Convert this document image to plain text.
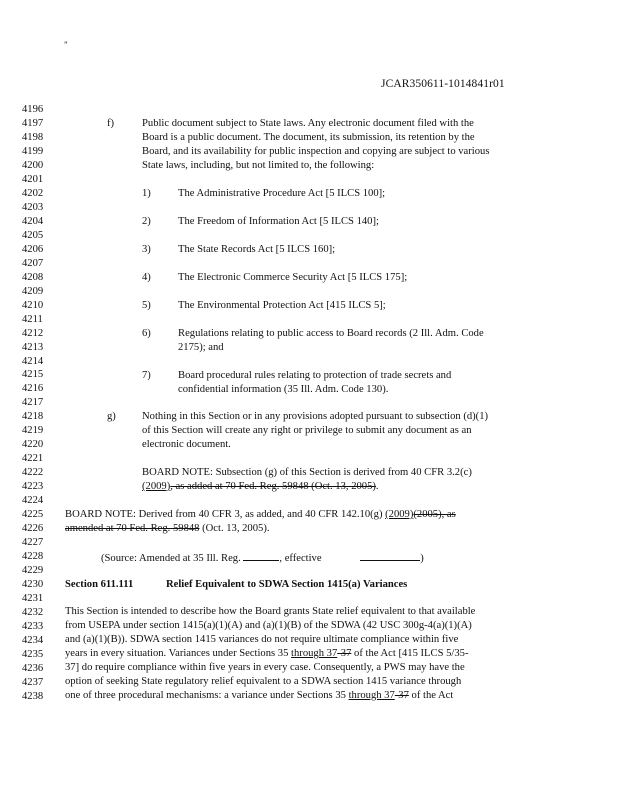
”
JCAR350611-1014841r01
4196
4197
4198
4199
4200
4201
4202
4203
4204
4205
4206
4207
4208
4209
4210
4211
4212
4213
4214
4215
4216
4217
4218
4219
4220
4221
4222
4223
4224
4225
4226
4227
4228
4229
4230
4231
4232
4233
4234
4235
4236
4237
4238
f)	Public document subject to State laws. Any electronic document filed with the
Board is a public document. The document, its submission, its retention by the
Board, and its availability for public inspection and copying are subject to various
State laws, including, but not limited to, the following:
1)	The Administrative Procedure Act [5 ILCS 100];
2)	The Freedom of Information Act [5 ILCS 140];
3)	The State Records Act [5 ILCS 160];
4)	The Electronic Commerce Security Act [5 ILCS 175];
5)	The Environmental Protection Act [415 ILCS 5];
6)	Regulations relating to public access to Board records (2 Ill. Adm. Code
2175); and
7)	Board procedural rules relating to protection of trade secrets and
confidential information (35 Ill. Adm. Code 130).
g) Nothing in this Section or in any provisions adopted pursuant to subsection (d)(1)
of this Section will create any right or privilege to submit any document as an
electronic document.
BOARD NOTE: Subsection (g) of this Section is derived from 40 CFR 3.2(c)
(2009), as added at 70 Fed. Reg. 59848 (Oct. 13, 2005).
BOARD NOTE: Derived from 40 CFR 3, as added, and 40 CFR 142.10(g) (2009)(2005), as
amended at 70 Fed. Reg. 59848 (Oct. 13, 2005).
(Source: Amended at 35 Ill. Reg.	, effective	)
Section 611.111	Relief Equivalent to SDWA Section 1415(a) Variances
This Section is intended to describe how the Board grants State relief equivalent to that available
from USEPA under section 1415(a)(1)(A) and (a)(1)(B) of the SDWA (42 USC 300g-4(a)(1)(A)
and (a)(1)(B)). SDWA section 1415 variances do not require ultimate compliance within five
years in every situation. Variances under Sections 35 through 37-37 of the Act [415 ILCS 5/35-
37] do require compliance within five years in every case. Consequently, a PWS may have the
option of seeking State regulatory relief equivalent to a SDWA section 1415 variance through
one of three procedural mechanisms: a variance under Sections 35 through 37-37 of the Act
